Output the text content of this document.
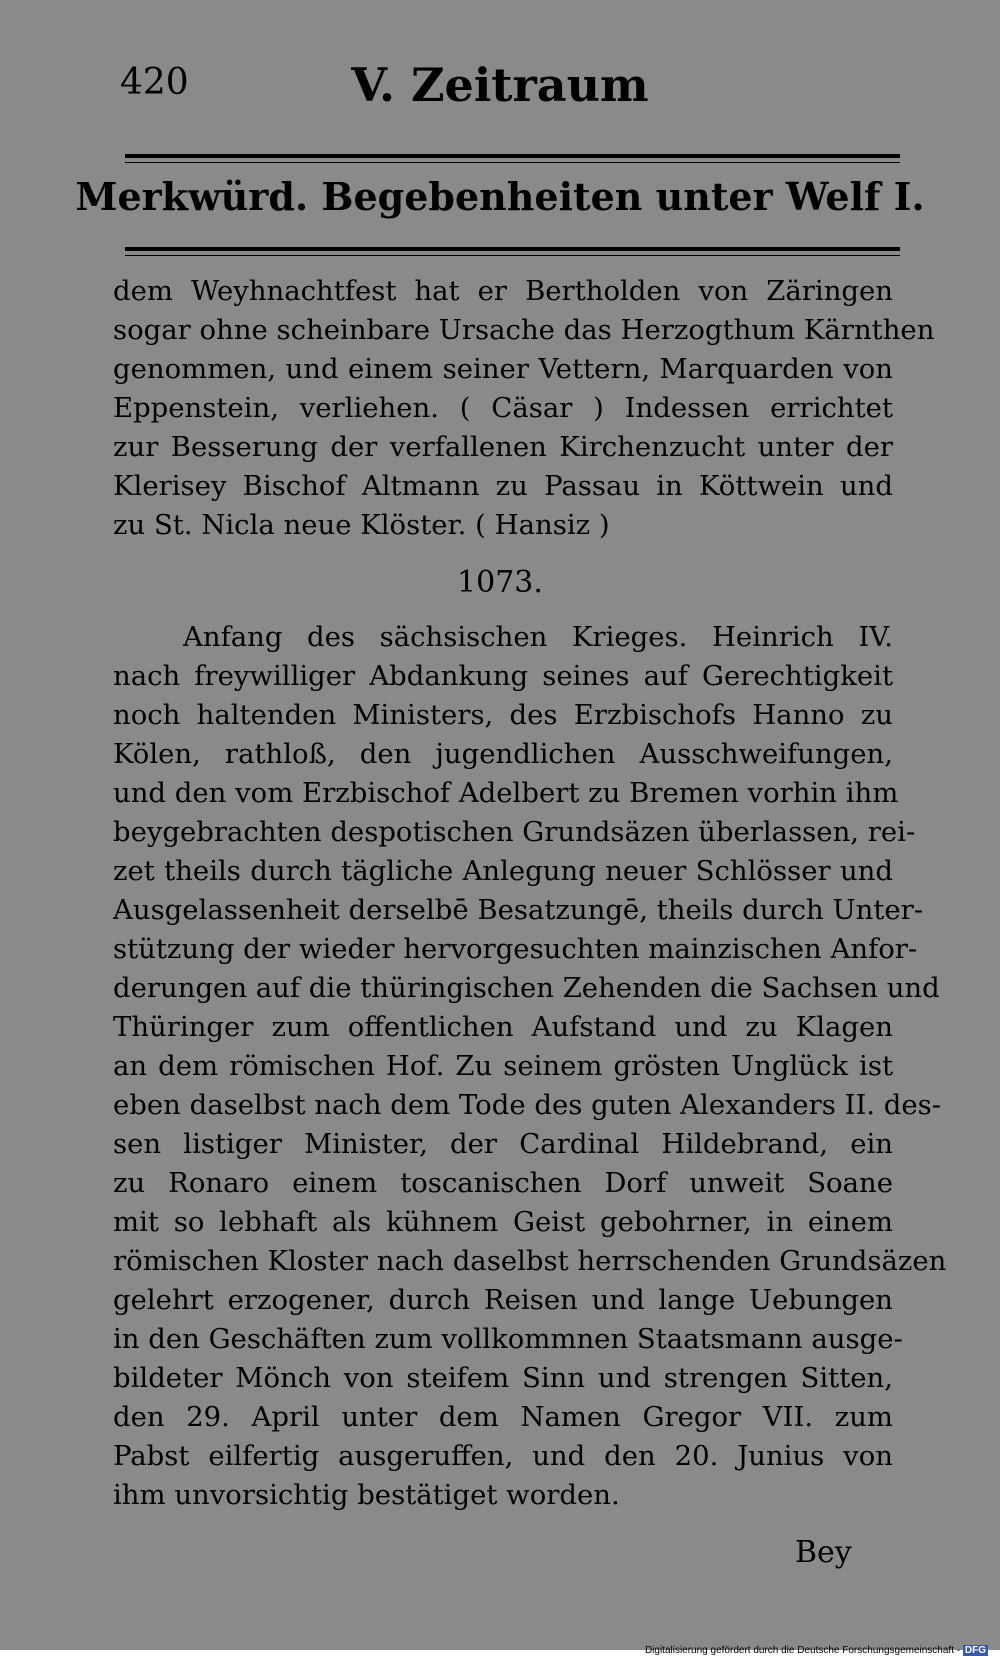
420	V. Zeitraum
Merkwürd. Begebenheiten unter Welf I.
dem Weyhnachtfest hat er Bertholden von Zäringen
sogar ohne scheinbare Ursache das Herzogthum Kärnthen
genommen, und einem seiner Vettern, Marquarden von
Eppenstein, verliehen. ( Cäsar ) Indessen errichtet
zur Besserung der verfallenen Kirchenzucht unter der
Klerisey Bischof Altmann zu Passau in Köttwein und
zu St. Nicla neue Klöster. ( Hansiz )
1073.
Anfang des sächsischen Krieges. Heinrich IV.
nach freywilliger Abdankung seines auf Gerechtigkeit
noch haltenden Ministers, des Erzbischofs Hanno zu
Kölen, rathloß, den jugendlichen Ausschweifungen,
und den vom Erzbischof Adelbert zu Bremen vorhin ihm
beygebrachten despotischen Grundsäzen überlassen, rei-
zet theils durch tägliche Anlegung neuer Schlösser und
Ausgelassenheit derselbē Besatzungē, theils durch Unter-
stützung der wieder hervorgesuchten mainzischen Anfor-
derungen auf die thüringischen Zehenden die Sachsen und
Thüringer zum offentlichen Aufstand und zu Klagen
an dem römischen Hof. Zu seinem grösten Unglück ist
eben daselbst nach dem Tode des guten Alexanders II. des-
sen listiger Minister, der Cardinal Hildebrand, ein
zu Ronaro einem toscanischen Dorf unweit Soane
mit so lebhaft als kühnem Geist gebohrner, in einem
römischen Kloster nach daselbst herrschenden Grundsäzen
gelehrt erzogener, durch Reisen und lange Uebungen
in den Geschäften zum vollkommnen Staatsmann ausge-
bildeter Mönch von steifem Sinn und strengen Sitten,
den 29. April unter dem Namen Gregor VII. zum
Pabst eilfertig ausgeruffen, und den 20. Junius von
ihm unvorsichtig bestätiget worden.
Bey
Digitalisierung gefördert durch die Deutsche Forschungsgemeinschaft - DFG
